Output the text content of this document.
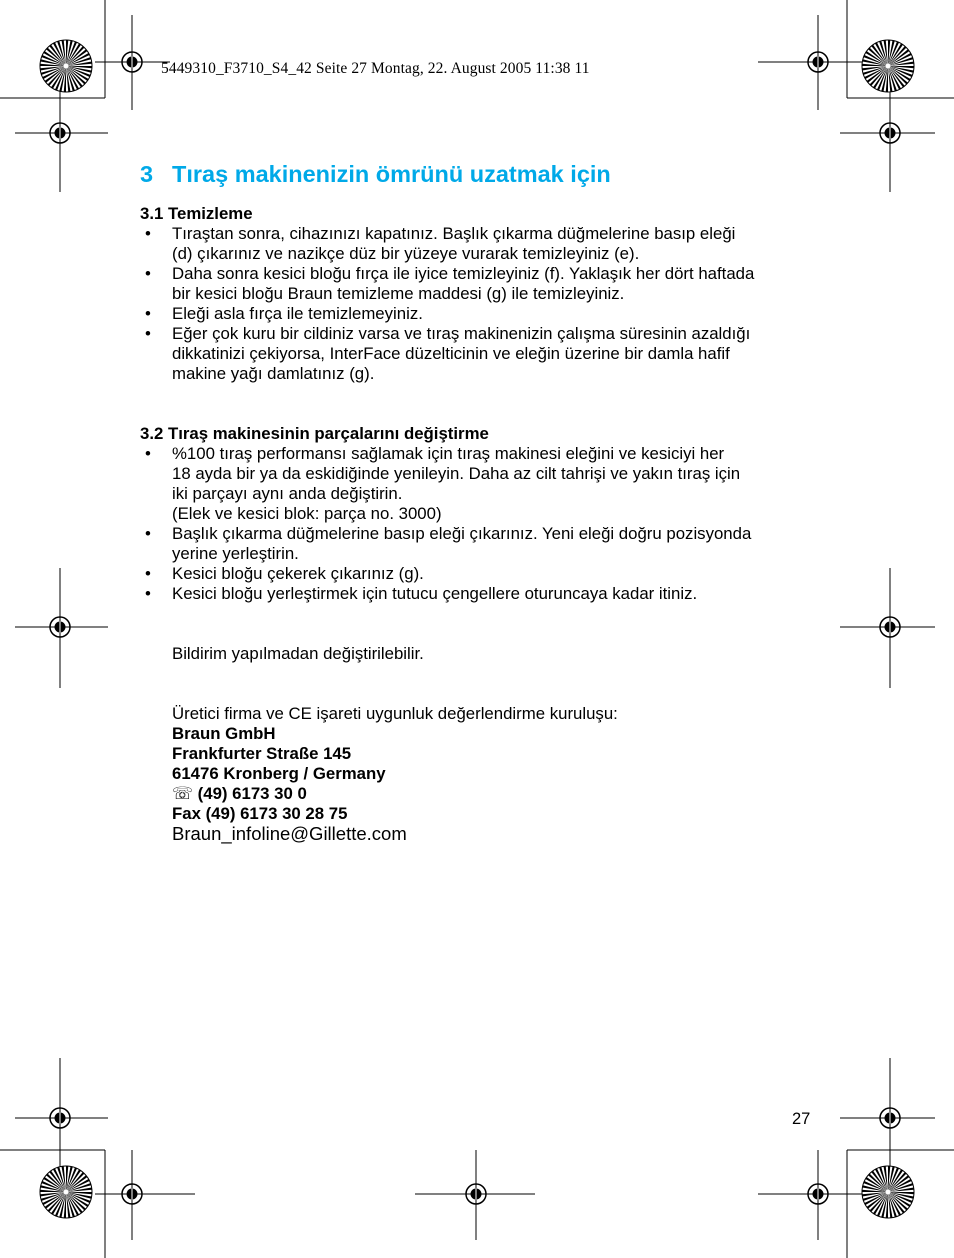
5449310_F3710_S4_42 Seite 27 Montag, 22. August 2005 11:38 11
3 Tıraş makinenizin ömrünü uzatmak için

3.1 Temizleme

• Tıraştan sonra, cihazınızı kapatınız. Başlık çıkarma düğmelerine basıp eleği
(d) çıkarınız ve nazikçe düz bir yüzeye vurarak temizleyiniz (e).
• Daha sonra kesici bloğu fırça ile iyice temizleyiniz (f). Yaklaşık her dört haftada
bir kesici bloğu Braun temizleme maddesi (g) ile temizleyiniz.
• Eleği asla fırça ile temizlemeyiniz.
• Eğer çok kuru bir cildiniz varsa ve tıraş makinenizin çalışma süresinin azaldığı
dikkatinizi çekiyorsa, InterFace düzelticinin ve eleğin üzerine bir damla hafif
makine yağı damlatınız (g).

3.2 Tıraş makinesinin parçalarını değiştirme

• %100 tıraş performansı sağlamak için tıraş makinesi eleğini ve kesiciyi her
18 ayda bir ya da eskidiğinde yenileyin. Daha az cilt tahrişi ve yakın tıraş için
iki parçayı aynı anda değiştirin.
(Elek ve kesici blok: parça no. 3000)
• Başlık çıkarma düğmelerine basıp eleği çıkarınız. Yeni eleği doğru pozisyonda
yerine yerleştirin.
• Kesici bloğu çekerek çıkarınız (g).
• Kesici bloğu yerleştirmek için tutucu çengellere oturuncaya kadar itiniz.
Bildirim yapılmadan değiştirilebilir.
Üretici firma ve CE işareti uygunluk değerlendirme kuruluşu:
Braun GmbH
Frankfurter Straße 145
61476 Kronberg / Germany
☏ (49) 6173 30 0
Fax (49) 6173 30 28 75
Braun_infoline@Gillette.com
27
